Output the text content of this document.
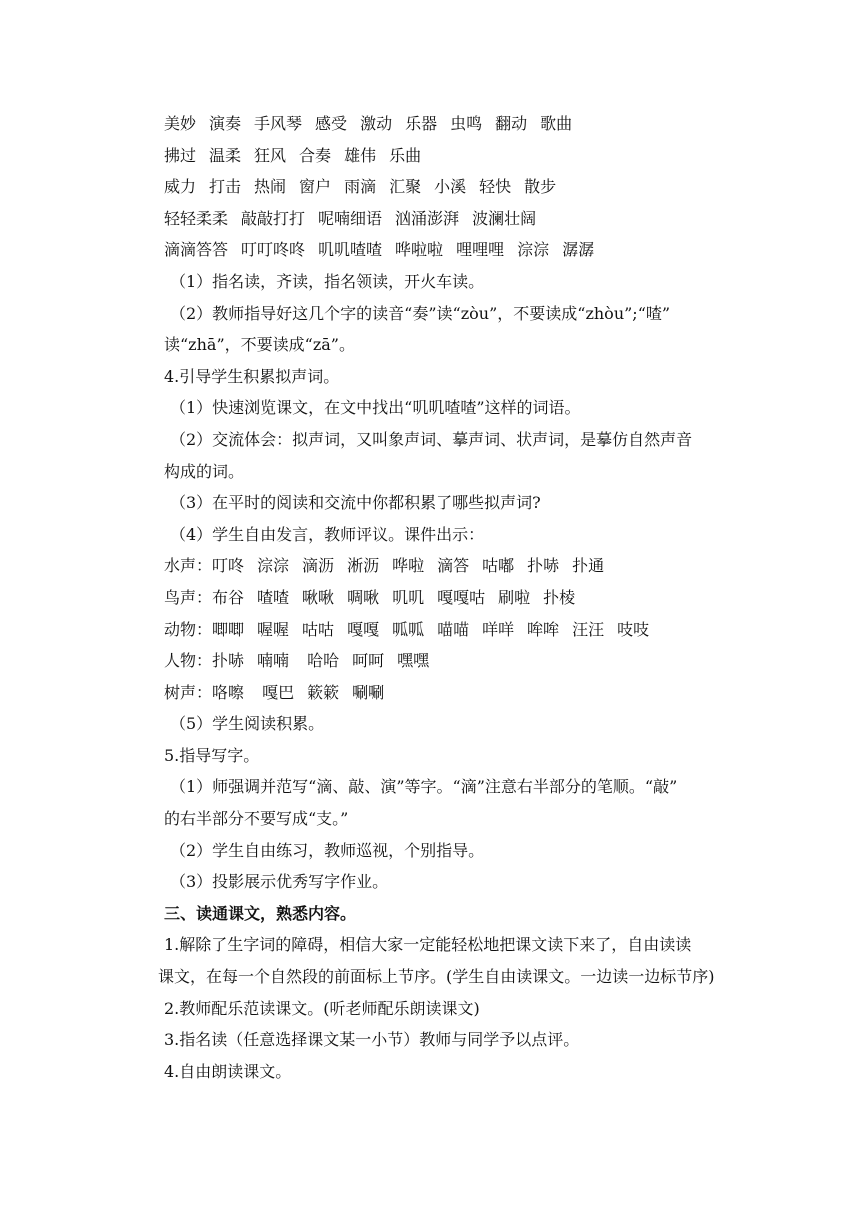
美妙 演奏 手风琴 感受 激动 乐器 虫鸣 翻动 歌曲
拂过 温柔 狂风 合奏 雄伟 乐曲
威力 打击 热闹 窗户 雨滴 汇聚 小溪 轻快 散步
轻轻柔柔 敲敲打打 呢喃细语 汹涌澎湃 波澜壮阔
滴滴答答 叮叮咚咚 叽叽喳喳 哗啦啦 哩哩哩 淙淙 潺潺
（1）指名读，齐读，指名领读，开火车读。
（2）教师指导好这几个字的读音“奏”读“zòu”，不要读成“zhòu”;“喳”
读“zhā”，不要读成“zā”。
4.引导学生积累拟声词。
（1）快速浏览课文，在文中找出“叽叽喳喳”这样的词语。
（2）交流体会：拟声词，又叫象声词、摹声词、状声词，是摹仿自然声音
构成的词。
（3）在平时的阅读和交流中你都积累了哪些拟声词?
（4）学生自由发言，教师评议。课件出示：
水声：叮咚 淙淙 滴沥 淅沥 哗啦 滴答 咕嘟 扑哧 扑通
鸟声：布谷 喳喳 啾啾 啁啾 叽叽 嘎嘎咕 刷啦 扑棱
动物：唧唧 喔喔 咕咕 嘎嘎 呱呱 喵喵 咩咩 哞哞 汪汪 吱吱
人物：扑哧 喃喃 哈哈 呵呵 嘿嘿
树声：咯嚓 嘎巴 簌簌 唰唰
（5）学生阅读积累。
5.指导写字。
（1）师强调并范写“滴、敲、演”等字。“滴”注意右半部分的笔顺。“敲”
的右半部分不要写成“支。”
（2）学生自由练习，教师巡视，个别指导。
（3）投影展示优秀写字作业。
三、读通课文，熟悉内容。
1.解除了生字词的障碍，相信大家一定能轻松地把课文读下来了，自由读读
课文，在每一个自然段的前面标上节序。(学生自由读课文。一边读一边标节序)
2.教师配乐范读课文。(听老师配乐朗读课文)
3.指名读（任意选择课文某一小节）教师与同学予以点评。
4.自由朗读课文。
